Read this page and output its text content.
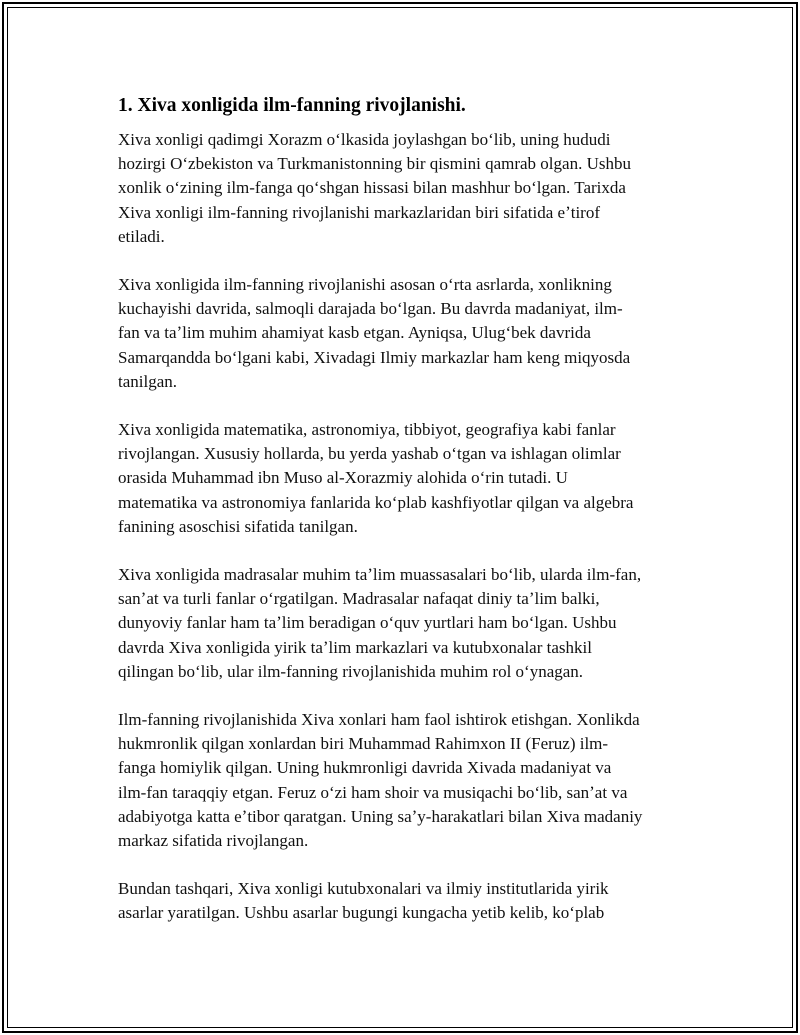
1. Xiva xonligida ilm-fanning rivojlanishi.

Xiva xonligi qadimgi Xorazm oʻlkasida joylashgan boʻlib, uning hududi
hozirgi Oʻzbekiston va Turkmanistonning bir qismini qamrab olgan. Ushbu
xonlik oʻzining ilm-fanga qoʻshgan hissasi bilan mashhur boʻlgan. Tarixda
Xiva xonligi ilm-fanning rivojlanishi markazlaridan biri sifatida eʼtirof
etiladi.

Xiva xonligida ilm-fanning rivojlanishi asosan oʻrta asrlarda, xonlikning
kuchayishi davrida, salmoqli darajada boʻlgan. Bu davrda madaniyat, ilm-
fan va taʼlim muhim ahamiyat kasb etgan. Ayniqsa, Ulugʻbek davrida
Samarqandda boʻlgani kabi, Xivadagi Ilmiy markazlar ham keng miqyosda
tanilgan.

Xiva xonligida matematika, astronomiya, tibbiyot, geografiya kabi fanlar
rivojlangan. Xususiy hollarda, bu yerda yashab oʻtgan va ishlagan olimlar
orasida Muhammad ibn Muso al-Xorazmiy alohida oʻrin tutadi. U
matematika va astronomiya fanlarida koʻplab kashfiyotlar qilgan va algebra
fanining asoschisi sifatida tanilgan.

Xiva xonligida madrasalar muhim taʼlim muassasalari boʻlib, ularda ilm-fan,
sanʼat va turli fanlar oʻrgatilgan. Madrasalar nafaqat diniy taʼlim balki,
dunyoviy fanlar ham taʼlim beradigan oʻquv yurtlari ham boʻlgan. Ushbu
davrda Xiva xonligida yirik taʼlim markazlari va kutubxonalar tashkil
qilingan boʻlib, ular ilm-fanning rivojlanishida muhim rol oʻynagan.

Ilm-fanning rivojlanishida Xiva xonlari ham faol ishtirok etishgan. Xonlikda
hukmronlik qilgan xonlardan biri Muhammad Rahimxon II (Feruz) ilm-
fanga homiylik qilgan. Uning hukmronligi davrida Xivada madaniyat va
ilm-fan taraqqiy etgan. Feruz oʻzi ham shoir va musiqachi boʻlib, sanʼat va
adabiyotga katta eʼtibor qaratgan. Uning saʼy-harakatlari bilan Xiva madaniy
markaz sifatida rivojlangan.

Bundan tashqari, Xiva xonligi kutubxonalari va ilmiy institutlarida yirik
asarlar yaratilgan. Ushbu asarlar bugungi kungacha yetib kelib, koʻplab
